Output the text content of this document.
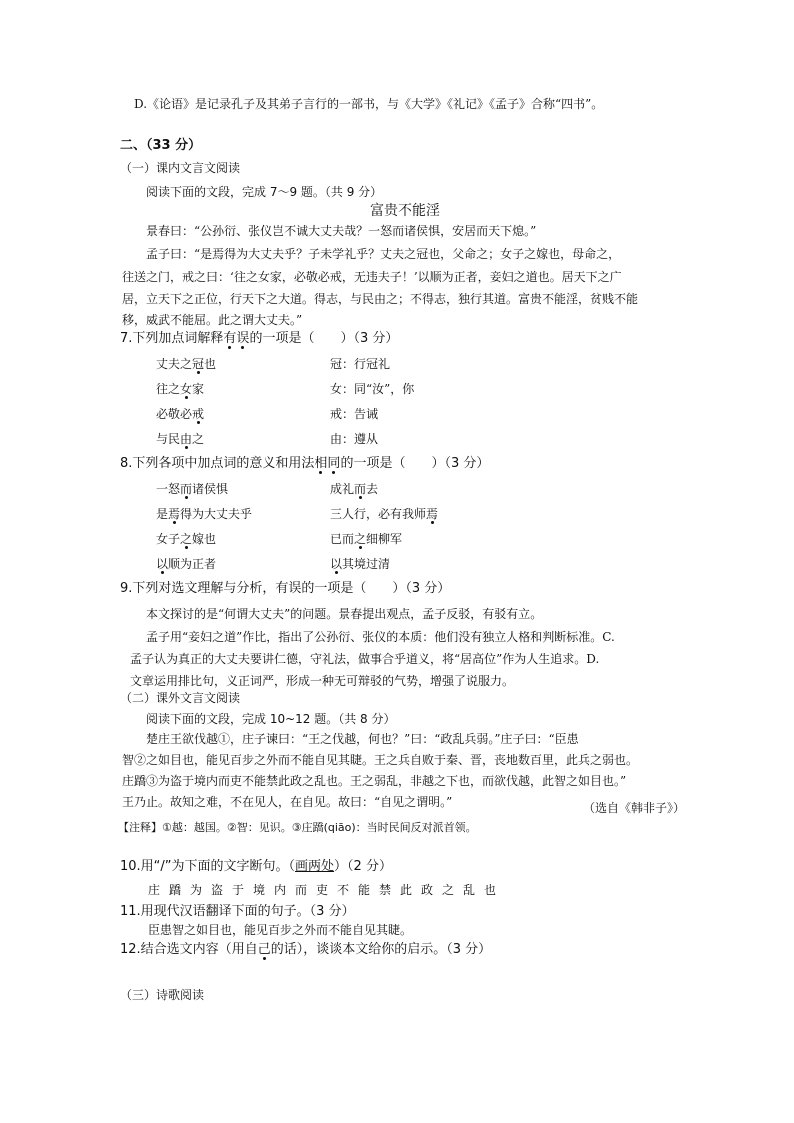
D.《论语》是记录孔子及其弟子言行的一部书，与《大学》《礼记》《孟子》合称“四书”。
二、（33 分）
（一）课内文言文阅读
阅读下面的文段，完成 7～9 题。（共 9 分）
富贵不能淫
景春曰：“公孙衍、张仪岂不诚大丈夫哉？一怒而诸侯惧，安居而天下熄。”
孟子曰：“是焉得为大丈夫乎？子未学礼乎？丈夫之冠也，父命之；女子之嫁也，母命之，
往送之门，戒之曰：‘往之女家，必敬必戒，无违夫子！’以顺为正者，妾妇之道也。居天下之广
居，立天下之正位，行天下之大道。得志，与民由之；不得志，独行其道。富贵不能淫，贫贱不能
移，威武不能屈。此之谓大丈夫。”
7.下列加点词解释有误的一项是（　　）（3 分）
丈夫之冠也	冠：行冠礼
往之女家	女：同“汝”，你
必敬必戒	戒：告诫
与民由之	由：遵从
8.下列各项中加点词的意义和用法相同的一项是（　　）（3 分）
一怒而诸侯惧	成礼而去
是焉得为大丈夫乎	三人行，必有我师焉
女子之嫁也	已而之细柳军
以顺为正者	以其境过清
9.下列对选文理解与分析，有误的一项是（　　）（3 分）
本文探讨的是“何谓大丈夫”的问题。景春提出观点，孟子反驳，有驳有立。
孟子用“妾妇之道”作比，指出了公孙衍、张仪的本质：他们没有独立人格和判断标准。C.
孟子认为真正的大丈夫要讲仁德，守礼法，做事合乎道义，将“居高位”作为人生追求。D.
文章运用排比句，义正词严，形成一种无可辩驳的气势，增强了说服力。
（二）课外文言文阅读
阅读下面的文段，完成 10~12 题。（共 8 分）
楚庄王欲伐越①，庄子谏曰：“王之伐越，何也？”曰：“政乱兵弱。”庄子曰：“臣患
智②之如目也，能见百步之外而不能自见其睫。王之兵自败于秦、晋，丧地数百里，此兵之弱也。
庄蹻③为盗于境内而吏不能禁此政之乱也。王之弱乱，非越之下也，而欲伐越，此智之如目也。”
王乃止。故知之难，不在见人，在自见。故曰：“自见之谓明。”	（选自《韩非子》）
【注释】①越：越国。②智：见识。③庄蹻(qiāo)：当时民间反对派首领。
10.用“/”为下面的文字断句。（画两处）（2 分）
庄蹻为盗于境内而吏不能禁此政之乱也
11.用现代汉语翻译下面的句子。（3 分）
臣患智之如目也，能见百步之外而不能自见其睫。
12.结合选文内容（用自己的话），谈谈本文给你的启示。（3 分）
（三）诗歌阅读
